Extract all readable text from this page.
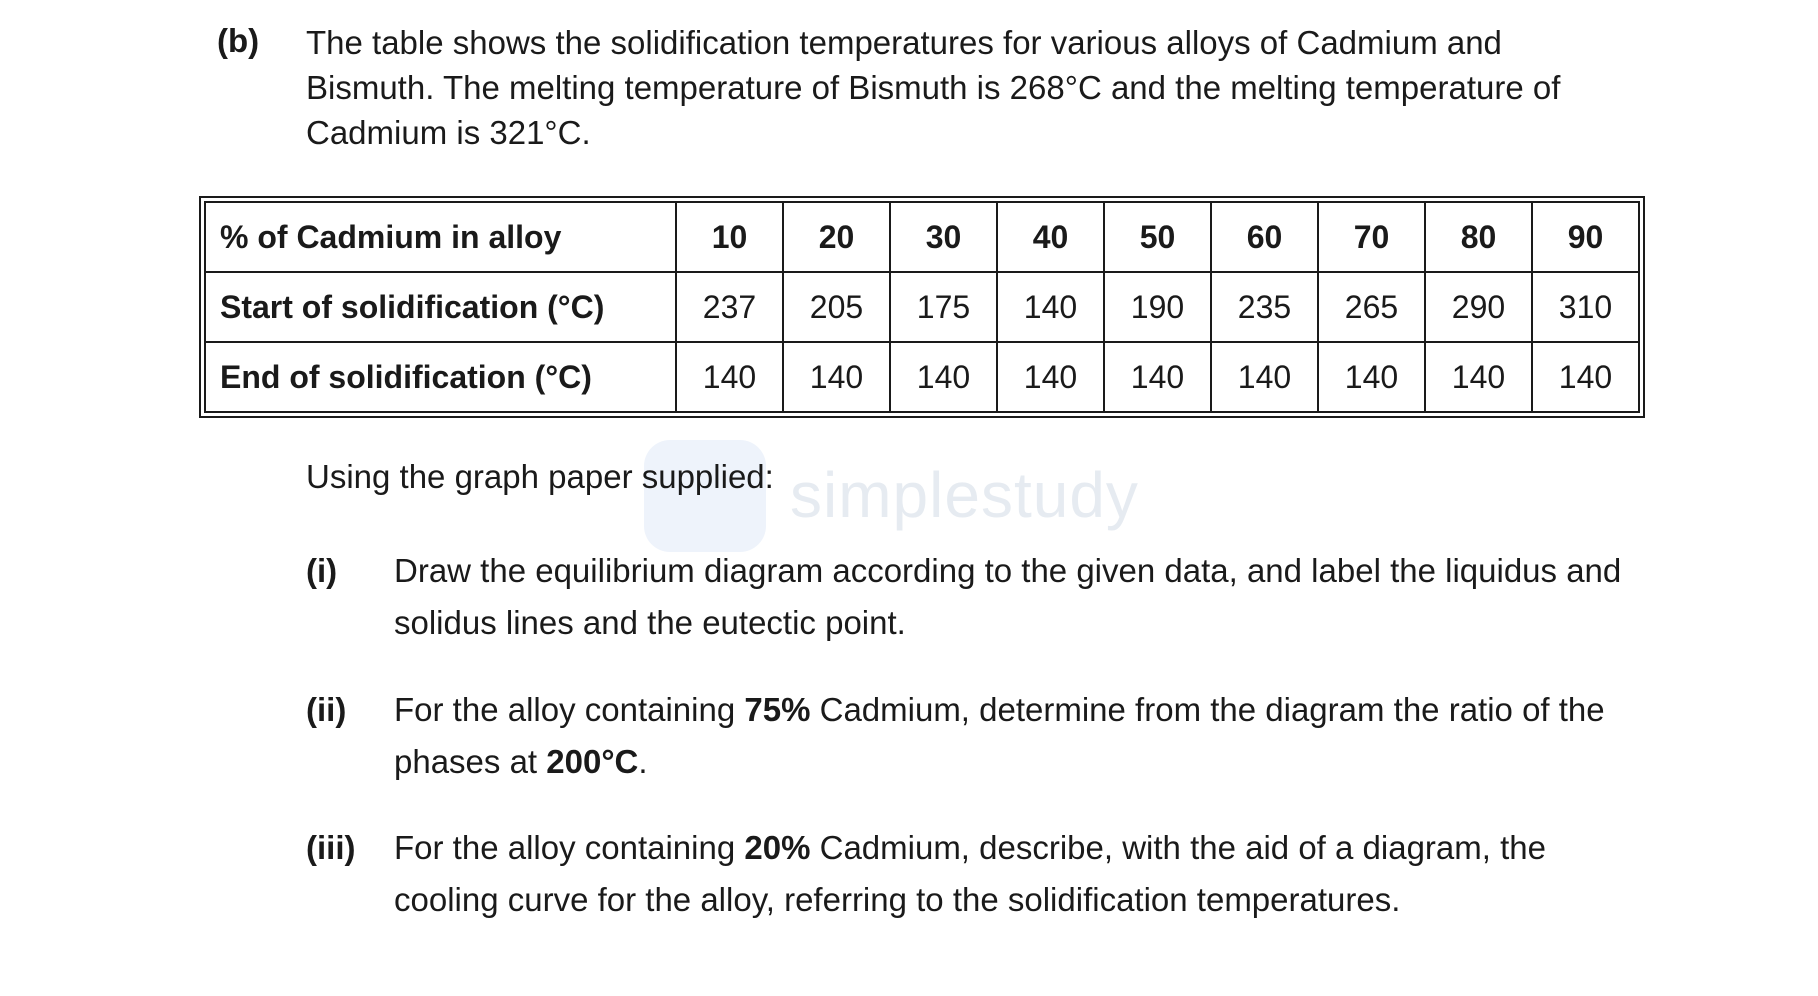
(b) The table shows the solidification temperatures for various alloys of Cadmium and Bismuth. The melting temperature of Bismuth is 268°C and the melting temperature of Cadmium is 321°C.
% of Cadmium in alloy	10	20	30	40	50	60	70	80	90
Start of solidification (°C)	237	205	175	140	190	235	265	290	310
End of solidification (°C)	140	140	140	140	140	140	140	140	140
simplestudy
Using the graph paper supplied:
(i) Draw the equilibrium diagram according to the given data, and label the liquidus and solidus lines and the eutectic point.
(ii) For the alloy containing 75% Cadmium, determine from the diagram the ratio of the phases at 200°C.
(iii) For the alloy containing 20% Cadmium, describe, with the aid of a diagram, the cooling curve for the alloy, referring to the solidification temperatures.
